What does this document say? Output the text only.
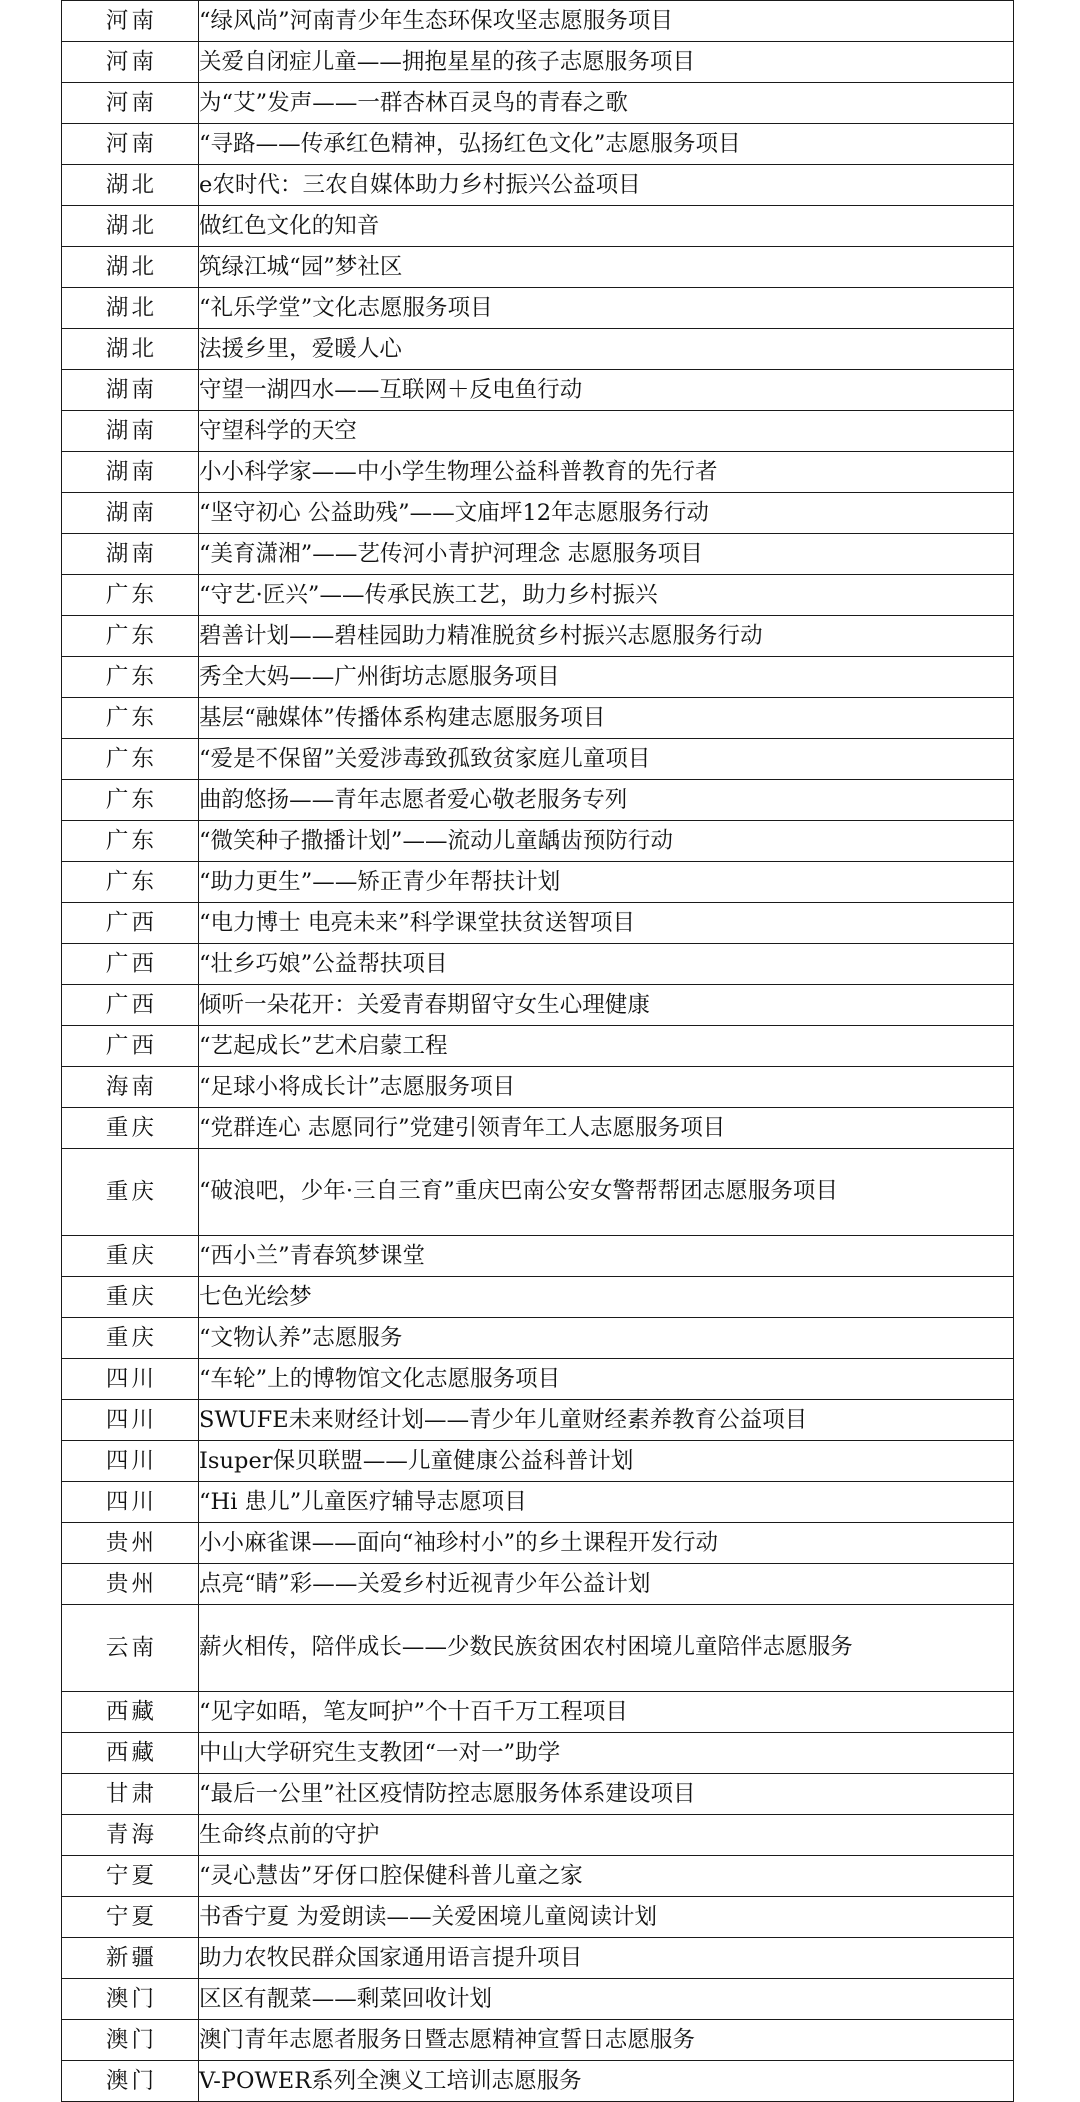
河南	“绿风尚”河南青少年生态环保攻坚志愿服务项目
河南	关爱自闭症儿童——拥抱星星的孩子志愿服务项目
河南	为“艾”发声——一群杏林百灵鸟的青春之歌
河南	“寻路——传承红色精神，弘扬红色文化”志愿服务项目
湖北	e农时代：三农自媒体助力乡村振兴公益项目
湖北	做红色文化的知音
湖北	筑绿江城“园”梦社区
湖北	“礼乐学堂”文化志愿服务项目
湖北	法援乡里，爱暖人心
湖南	守望一湖四水——互联网＋反电鱼行动
湖南	守望科学的天空
湖南	小小科学家——中小学生物理公益科普教育的先行者
湖南	“坚守初心 公益助残”——文庙坪12年志愿服务行动
湖南	“美育潇湘”——艺传河小青护河理念 志愿服务项目
广东	“守艺·匠兴”——传承民族工艺，助力乡村振兴
广东	碧善计划——碧桂园助力精准脱贫乡村振兴志愿服务行动
广东	秀全大妈——广州街坊志愿服务项目
广东	基层“融媒体”传播体系构建志愿服务项目
广东	“爱是不保留”关爱涉毒致孤致贫家庭儿童项目
广东	曲韵悠扬——青年志愿者爱心敬老服务专列
广东	“微笑种子撒播计划”——流动儿童龋齿预防行动
广东	“助力更生”——矫正青少年帮扶计划
广西	“电力博士 电亮未来”科学课堂扶贫送智项目
广西	“壮乡巧娘”公益帮扶项目
广西	倾听一朵花开：关爱青春期留守女生心理健康
广西	“艺起成长”艺术启蒙工程
海南	“足球小将成长计”志愿服务项目
重庆	“党群连心 志愿同行”党建引领青年工人志愿服务项目
重庆	“破浪吧，少年·三自三育”重庆巴南公安女警帮帮团志愿服务项目
重庆	“西小兰”青春筑梦课堂
重庆	七色光绘梦
重庆	“文物认养”志愿服务
四川	“车轮”上的博物馆文化志愿服务项目
四川	SWUFE未来财经计划——青少年儿童财经素养教育公益项目
四川	Isuper保贝联盟——儿童健康公益科普计划
四川	“Hi 患儿”儿童医疗辅导志愿项目
贵州	小小麻雀课——面向“袖珍村小”的乡土课程开发行动
贵州	点亮“睛”彩——关爱乡村近视青少年公益计划
云南	薪火相传，陪伴成长——少数民族贫困农村困境儿童陪伴志愿服务
西藏	“见字如晤，笔友呵护”个十百千万工程项目
西藏	中山大学研究生支教团“一对一”助学
甘肃	“最后一公里”社区疫情防控志愿服务体系建设项目
青海	生命终点前的守护
宁夏	“灵心慧齿”牙伢口腔保健科普儿童之家
宁夏	书香宁夏 为爱朗读——关爱困境儿童阅读计划
新疆	助力农牧民群众国家通用语言提升项目
澳门	区区有靓菜——剩菜回收计划
澳门	澳门青年志愿者服务日暨志愿精神宣誓日志愿服务
澳门	V-POWER系列全澳义工培训志愿服务
